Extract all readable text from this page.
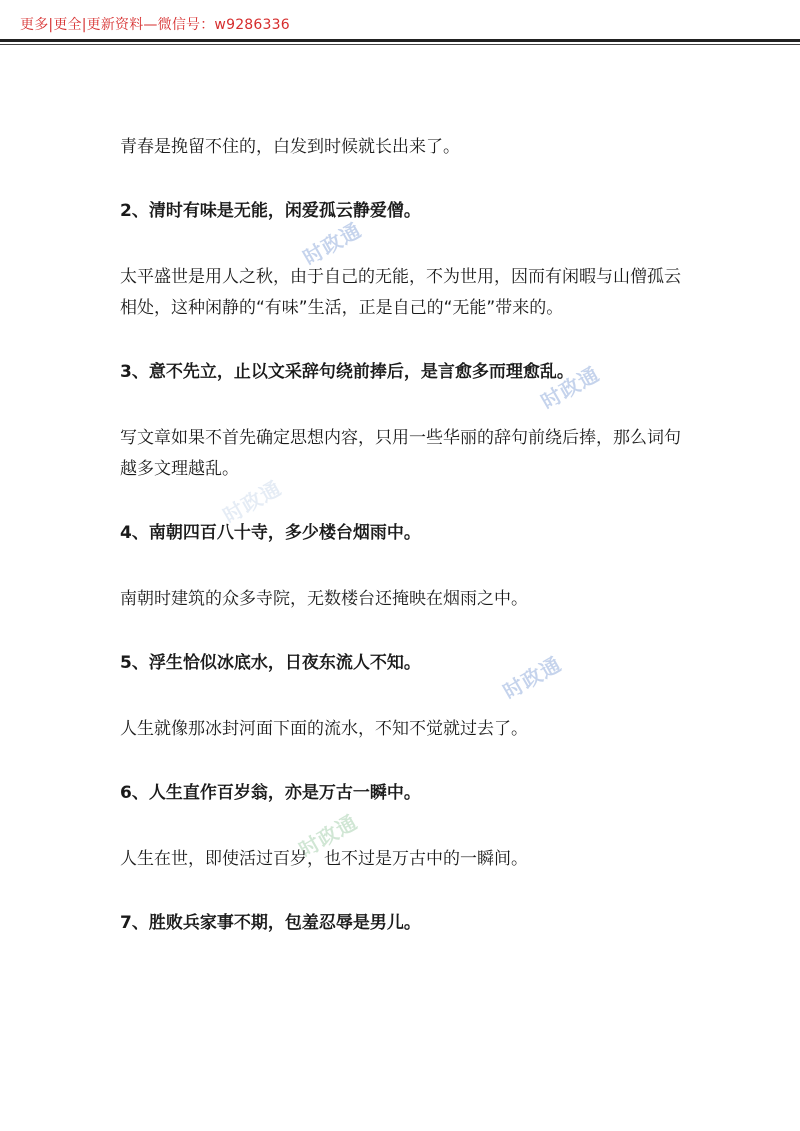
更多|更全|更新资料—微信号：w9286336
时政通
时政通
时政通
时政通
时政通

青春是挽留不住的，白发到时候就长出来了。

2、清时有味是无能，闲爱孤云静爱僧。

太平盛世是用人之秋，由于自己的无能，不为世用，因而有闲暇与山僧孤云相处，这种闲静的“有味”生活，正是自己的“无能”带来的。

3、意不先立，止以文采辞句绕前捧后，是言愈多而理愈乱。

写文章如果不首先确定思想内容，只用一些华丽的辞句前绕后捧，那么词句越多文理越乱。

4、南朝四百八十寺，多少楼台烟雨中。

南朝时建筑的众多寺院，无数楼台还掩映在烟雨之中。

5、浮生恰似冰底水，日夜东流人不知。

人生就像那冰封河面下面的流水，不知不觉就过去了。

6、人生直作百岁翁，亦是万古一瞬中。

人生在世，即使活过百岁，也不过是万古中的一瞬间。

7、胜败兵家事不期，包羞忍辱是男儿。
